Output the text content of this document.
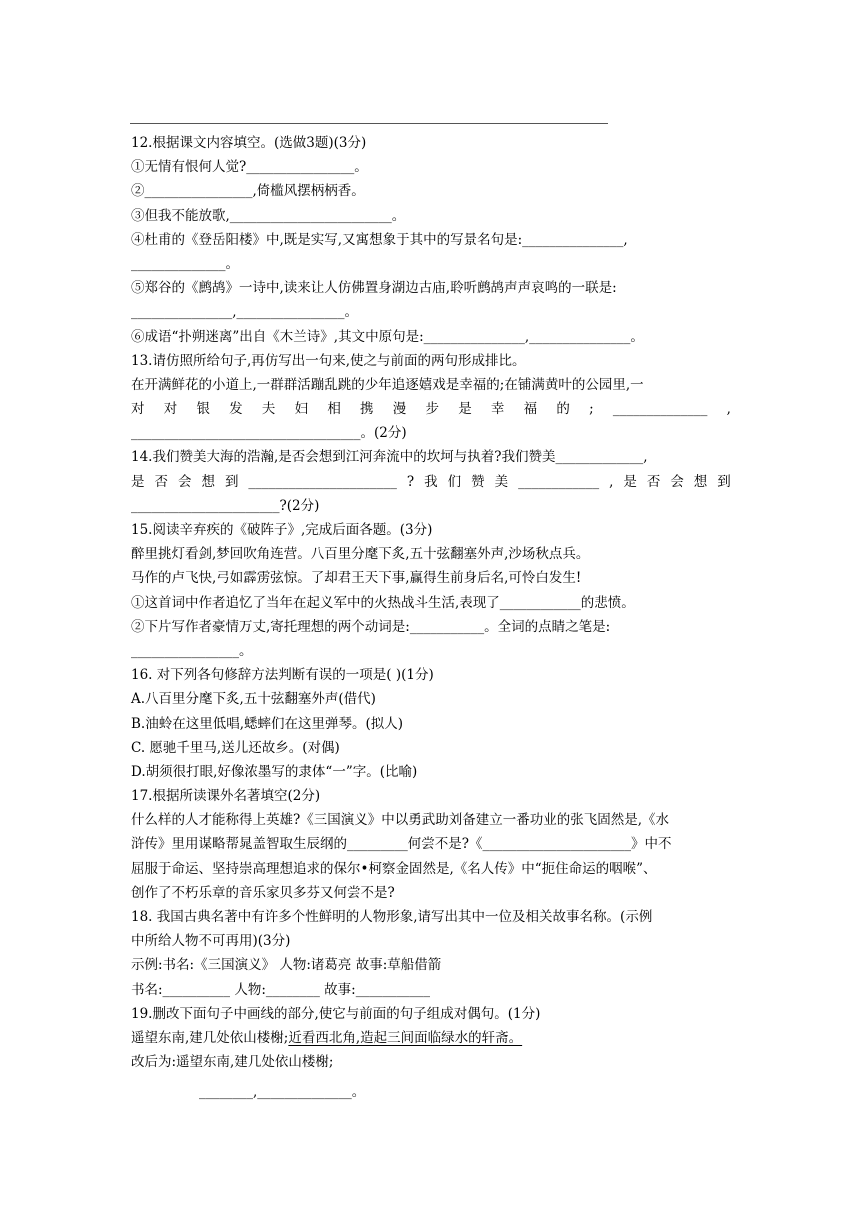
12.根据课文内容填空。(选做3题)(3分)
①无情有恨何人觉?________________。
②________________,倚槛风摆柄柄香。
③但我不能放歌,________________________。
④杜甫的《登岳阳楼》中,既是实写,又寓想象于其中的写景名句是:_______________,
______________。
⑤郑谷的《鹧鸪》一诗中,读来让人仿佛置身湖边古庙,聆听鹧鸪声声哀鸣的一联是:
_______________,________________。
⑥成语“扑朔迷离”出自《木兰诗》,其文中原句是:_______________,_______________。
13.请仿照所给句子,再仿写出一句来,使之与前面的两句形成排比。
在开满鲜花的小道上,一群群活蹦乱跳的少年追逐嬉戏是幸福的;在铺满黄叶的公园里,一
对 对 银 发 夫 妇 相 携 漫 步 是 幸 福 的 ; ______________ ,
__________________________________。(2分)
14.我们赞美大海的浩瀚,是否会想到江河奔流中的坎坷与执着?我们赞美_____________,
是 否 会 想 到 ______________________ ? 我 们 赞 美 ____________ , 是 否 会 想 到
______________________?(2分)
15.阅读辛弃疾的《破阵子》,完成后面各题。(3分)
醉里挑灯看剑,梦回吹角连营。八百里分麾下炙,五十弦翻塞外声,沙场秋点兵。
马作的卢飞快,弓如霹雳弦惊。了却君王天下事,赢得生前身后名,可怜白发生!
①这首词中作者追忆了当年在起义军中的火热战斗生活,表现了____________的悲愤。
②下片写作者豪情万丈,寄托理想的两个动词是:___________。全词的点睛之笔是:
________________。
16. 对下列各句修辞方法判断有误的一项是( )(1分)
A.八百里分麾下炙,五十弦翻塞外声(借代)
B.油蛉在这里低唱,蟋蟀们在这里弹琴。(拟人)
C. 愿驰千里马,送儿还故乡。(对偶)
D.胡须很打眼,好像浓墨写的隶体“一”字。(比喻)
17.根据所读课外名著填空(2分)
什么样的人才能称得上英雄?《三国演义》中以勇武助刘备建立一番功业的张飞固然是,《水
浒传》里用谋略帮晁盖智取生辰纲的_________何尝不是?《______________________》中不
屈服于命运、坚持崇高理想追求的保尔•柯察金固然是,《名人传》中“扼住命运的咽喉”、
创作了不朽乐章的音乐家贝多芬又何尝不是?
18. 我国古典名著中有许多个性鲜明的人物形象,请写出其中一位及相关故事名称。(示例
中所给人物不可再用)(3分)
示例:书名:《三国演义》 人物:诸葛亮 故事:草船借箭
书名:__________ 人物:________ 故事:___________
19.删改下面句子中画线的部分,使它与前面的句子组成对偶句。(1分)
遥望东南,建几处依山楼榭;近看西北角,造起三间面临绿水的轩斋。
改后为:遥望东南,建几处依山楼榭;
________,______________。
